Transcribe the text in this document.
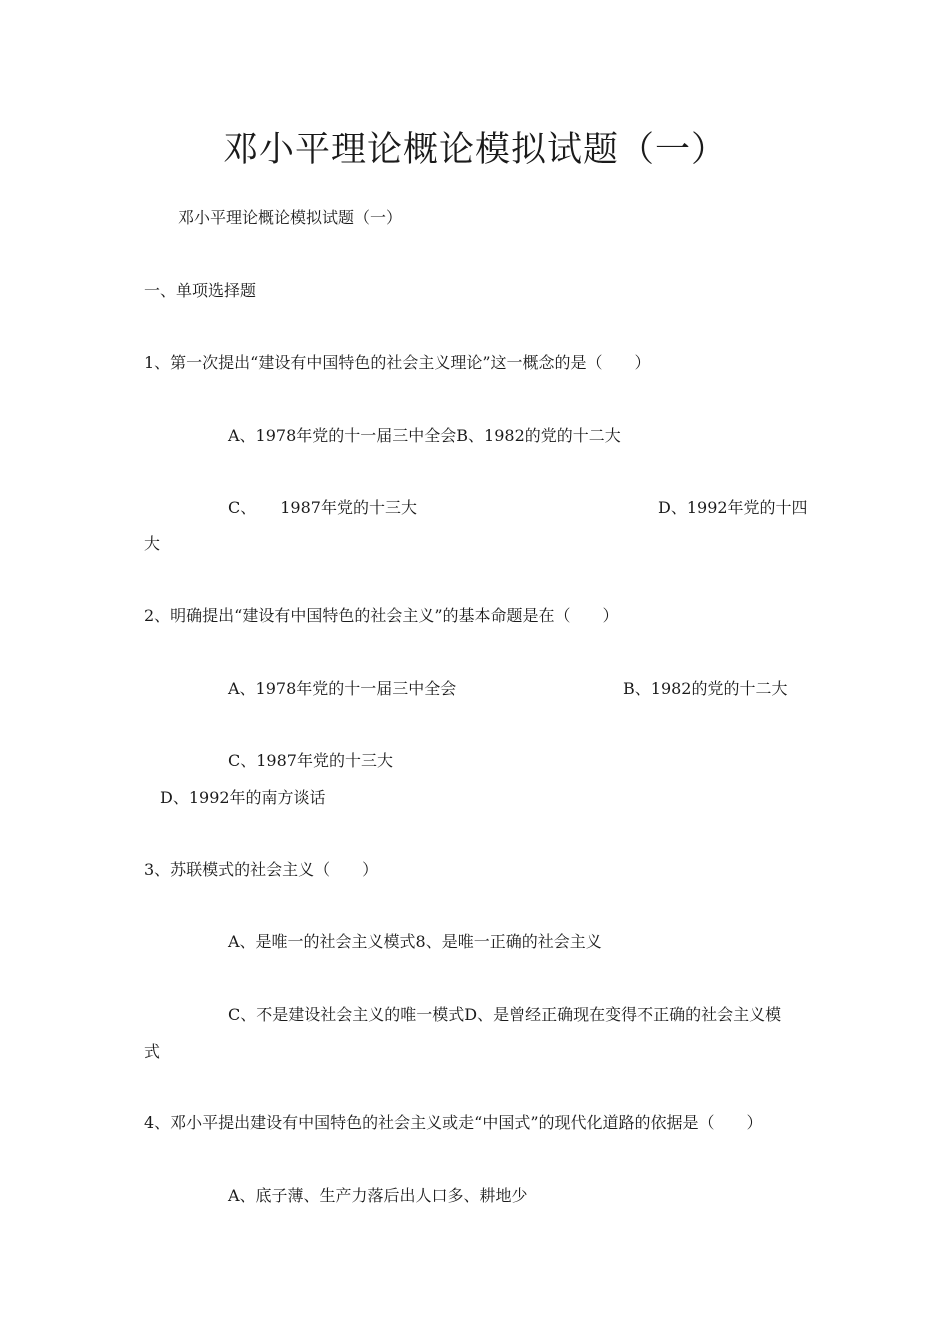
邓小平理论概论模拟试题（一）
邓小平理论概论模拟试题（一）
一、单项选择题
1、第一次提出“建设有中国特色的社会主义理论”这一概念的是（　　）
A、1978年党的十一届三中全会B、1982的党的十二大
C、　　1987年党的十三大	D、1992年党的十四
大
2、明确提出“建设有中国特色的社会主义”的基本命题是在（　　）
A、1978年党的十一届三中全会	B、1982的党的十二大
C、1987年党的十三大
D、1992年的南方谈话
3、苏联模式的社会主义（　　）
A、是唯一的社会主义模式8、是唯一正确的社会主义
C、不是建设社会主义的唯一模式D、是曾经正确现在变得不正确的社会主义模
式
4、邓小平提出建设有中国特色的社会主义或走“中国式”的现代化道路的依据是（　　）
A、底子薄、生产力落后出人口多、耕地少
